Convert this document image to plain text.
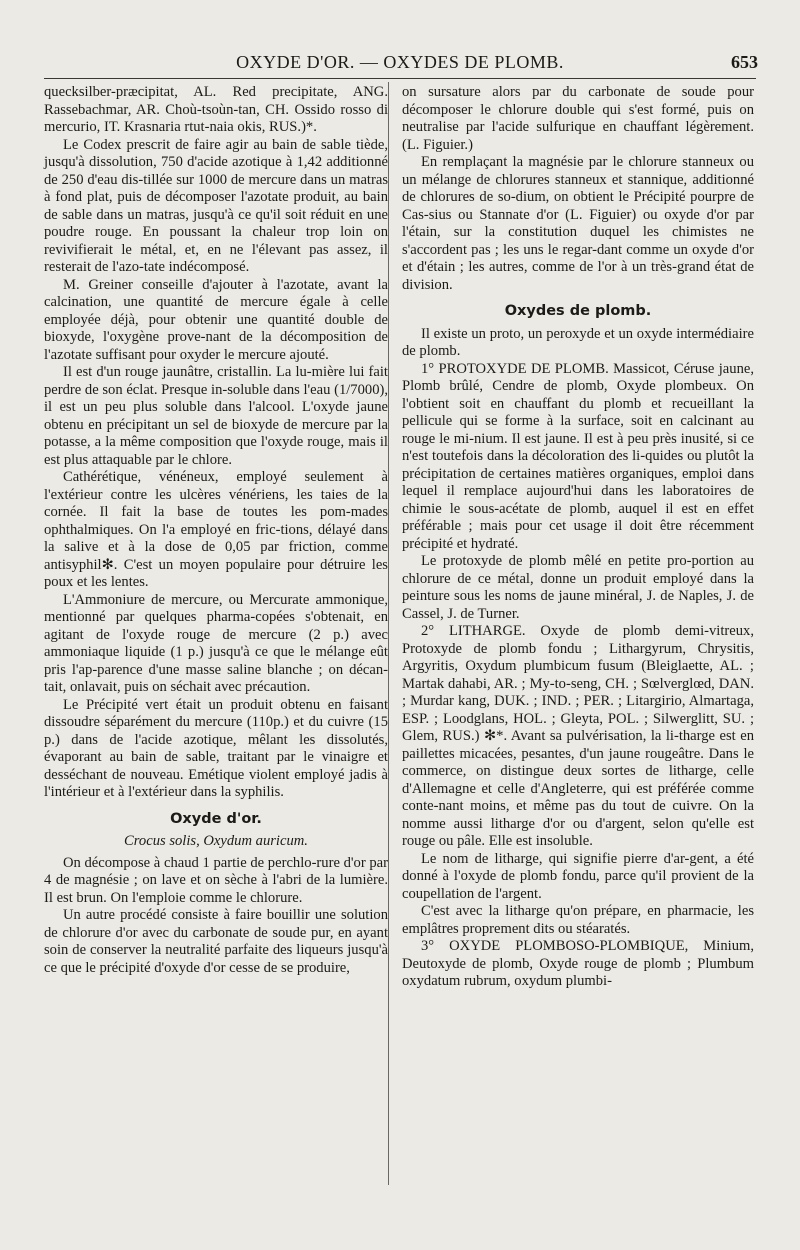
OXYDE D'OR. — OXYDES DE PLOMB.	653

quecksilber-præcipitat, AL. Red precipitate, ANG. Rassebachmar, AR. Choù-tsoùn-tan, CH. Ossido rosso di mercurio, IT. Krasnaria rtut-naia okis, RUS.)*.

Le Codex prescrit de faire agir au bain de sable tiède, jusqu'à dissolution, 750 d'acide azotique à 1,42 additionné de 250 d'eau dis-tillée sur 1000 de mercure dans un matras à fond plat, puis de décomposer l'azotate produit, au bain de sable dans un matras, jusqu'à ce qu'il soit réduit en une poudre rouge. En poussant la chaleur trop loin on revivifierait le métal, et, en ne l'élevant pas assez, il resterait de l'azo-tate indécomposé.

M. Greiner conseille d'ajouter à l'azotate, avant la calcination, une quantité de mercure égale à celle employée déjà, pour obtenir une quantité double de bioxyde, l'oxygène prove-nant de la décomposition de l'azotate suffisant pour oxyder le mercure ajouté.

Il est d'un rouge jaunâtre, cristallin. La lu-mière lui fait perdre de son éclat. Presque in-soluble dans l'eau (1/7000), il est un peu plus soluble dans l'alcool. L'oxyde jaune obtenu en précipitant un sel de bioxyde de mercure par la potasse, a la même composition que l'oxyde rouge, mais il est plus attaquable par le chlore.

Cathérétique, vénéneux, employé seulement à l'extérieur contre les ulcères vénériens, les taies de la cornée. Il fait la base de toutes les pom-mades ophthalmiques. On l'a employé en fric-tions, délayé dans la salive et à la dose de 0,05 par friction, comme antisyphil✻. C'est un moyen populaire pour détruire les poux et les lentes.

L'Ammoniure de mercure, ou Mercurate ammonique, mentionné par quelques pharma-copées s'obtenait, en agitant de l'oxyde rouge de mercure (2 p.) avec ammoniaque liquide (1 p.) jusqu'à ce que le mélange eût pris l'ap-parence d'une masse saline blanche ; on décan-tait, onlavait, puis on séchait avec précaution.

Le Précipité vert était un produit obtenu en faisant dissoudre séparément du mercure (110p.) et du cuivre (15 p.) dans de l'acide azotique, mêlant les dissolutés, évaporant au bain de sable, traitant par le vinaigre et desséchant de nouveau. Emétique violent employé jadis à l'intérieur et à l'extérieur dans la syphilis.

Oxyde d'or.
Crocus solis, Oxydum auricum.

On décompose à chaud 1 partie de perchlo-rure d'or par 4 de magnésie ; on lave et on sèche à l'abri de la lumière. Il est brun. On l'emploie comme le chlorure.

Un autre procédé consiste à faire bouillir une solution de chlorure d'or avec du carbonate de soude pur, en ayant soin de conserver la neutralité parfaite des liqueurs jusqu'à ce que le précipité d'oxyde d'or cesse de se produire,

on sursature alors par du carbonate de soude pour décomposer le chlorure double qui s'est formé, puis on neutralise par l'acide sulfurique en chauffant légèrement. (L. Figuier.)

En remplaçant la magnésie par le chlorure stanneux ou un mélange de chlorures stanneux et stannique, additionné de chlorures de so-dium, on obtient le Précipité pourpre de Cas-sius ou Stannate d'or (L. Figuier) ou oxyde d'or par l'étain, sur la constitution duquel les chimistes ne s'accordent pas ; les uns le regar-dant comme un oxyde d'or et d'étain ; les autres, comme de l'or à un très-grand état de division.

Oxydes de plomb.

Il existe un proto, un peroxyde et un oxyde intermédiaire de plomb.

1° PROTOXYDE DE PLOMB. Massicot, Céruse jaune, Plomb brûlé, Cendre de plomb, Oxyde plombeux. On l'obtient soit en chauffant du plomb et recueillant la pellicule qui se forme à la surface, soit en calcinant au rouge le mi-nium. Il est jaune. Il est à peu près inusité, si ce n'est toutefois dans la décoloration des li-quides ou plutôt la précipitation de certaines matières organiques, emploi dans lequel il remplace aujourd'hui dans les laboratoires de chimie le sous-acétate de plomb, auquel il est en effet préférable ; mais pour cet usage il doit être récemment précipité et hydraté.

Le protoxyde de plomb mêlé en petite pro-portion au chlorure de ce métal, donne un produit employé dans la peinture sous les noms de jaune minéral, J. de Naples, J. de Cassel, J. de Turner.

2° LITHARGE. Oxyde de plomb demi-vitreux, Protoxyde de plomb fondu ; Lithargyrum, Chrysitis, Argyritis, Oxydum plumbicum fusum (Bleiglaette, AL. ; Martak dahabi, AR. ; My-to-seng, CH. ; Sœlverglœd, DAN. ; Murdar kang, DUK. ; IND. ; PER. ; Litargirio, Almartaga, ESP. ; Loodglans, HOL. ; Gleyta, POL. ; Silwerglitt, SU. ; Glem, RUS.) ✻*. Avant sa pulvérisation, la li-tharge est en paillettes micacées, pesantes, d'un jaune rougeâtre. Dans le commerce, on distingue deux sortes de litharge, celle d'Allemagne et celle d'Angleterre, qui est préférée comme conte-nant moins, et même pas du tout de cuivre. On la nomme aussi litharge d'or ou d'argent, selon qu'elle est rouge ou pâle. Elle est insoluble.

Le nom de litharge, qui signifie pierre d'ar-gent, a été donné à l'oxyde de plomb fondu, parce qu'il provient de la coupellation de l'argent.

C'est avec la litharge qu'on prépare, en pharmacie, les emplâtres proprement dits ou stéaratés.

3° OXYDE PLOMBOSO-PLOMBIQUE, Minium, Deutoxyde de plomb, Oxyde rouge de plomb ; Plumbum oxydatum rubrum, oxydum plumbi-
